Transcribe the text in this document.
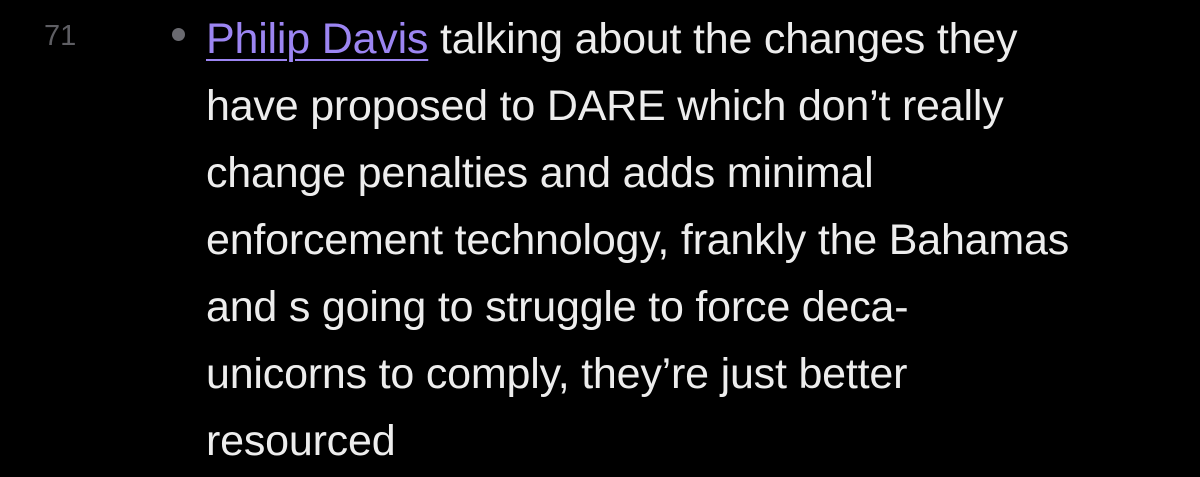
71	Philip Davis talking about the changes they
have proposed to DARE which don’t really
change penalties and adds minimal
enforcement technology, frankly the Bahamas
and s going to struggle to force deca-
unicorns to comply, they’re just better
resourced
